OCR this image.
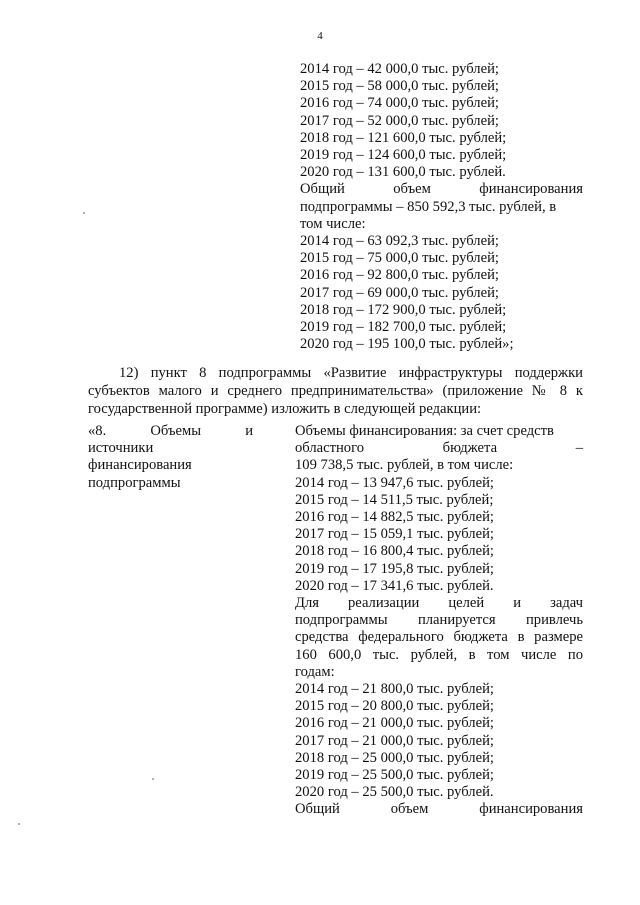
4
2014 год – 42 000,0 тыс. рублей;
2015 год – 58 000,0 тыс. рублей;
2016 год – 74 000,0 тыс. рублей;
2017 год – 52 000,0 тыс. рублей;
2018 год – 121 600,0 тыс. рублей;
2019 год – 124 600,0 тыс. рублей;
2020 год – 131 600,0 тыс. рублей.
Общий объем финансирования
подпрограммы – 850 592,3 тыс. рублей, в
том числе:
2014 год – 63 092,3 тыс. рублей;
2015 год – 75 000,0 тыс. рублей;
2016 год – 92 800,0 тыс. рублей;
2017 год – 69 000,0 тыс. рублей;
2018 год – 172 900,0 тыс. рублей;
2019 год – 182 700,0 тыс. рублей;
2020 год – 195 100,0 тыс. рублей»;
12) пункт 8 подпрограммы «Развитие инфраструктуры поддержки субъектов малого и среднего предпринимательства» (приложение № 8 к государственной программе) изложить в следующей редакции:
«8. Объемы и
источники
финансирования
подпрограммы
Объемы финансирования: за счет средств
областного бюджета –
109 738,5 тыс. рублей, в том числе:
2014 год – 13 947,6 тыс. рублей;
2015 год – 14 511,5 тыс. рублей;
2016 год – 14 882,5 тыс. рублей;
2017 год – 15 059,1 тыс. рублей;
2018 год – 16 800,4 тыс. рублей;
2019 год – 17 195,8 тыс. рублей;
2020 год – 17 341,6 тыс. рублей.
Для реализации целей и задач
подпрограммы планируется привлечь
средства федерального бюджета в размере
160 600,0 тыс. рублей, в том числе по
годам:
2014 год – 21 800,0 тыс. рублей;
2015 год – 20 800,0 тыс. рублей;
2016 год – 21 000,0 тыс. рублей;
2017 год – 21 000,0 тыс. рублей;
2018 год – 25 000,0 тыс. рублей;
2019 год – 25 500,0 тыс. рублей;
2020 год – 25 500,0 тыс. рублей.
Общий объем финансирования
